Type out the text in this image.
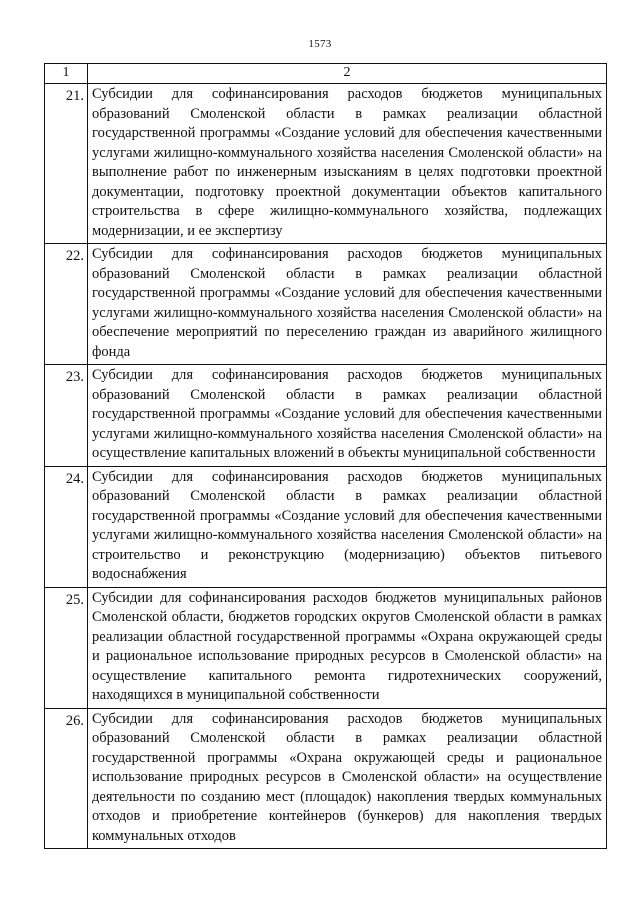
1573
1	2
21.	Субсидии для софинансирования расходов бюджетов муниципальных образований Смоленской области в рамках реализации областной государственной программы «Создание условий для обеспечения качественными услугами жилищно-коммунального хозяйства населения Смоленской области» на выполнение работ по инженерным изысканиям в целях подготовки проектной документации, подготовку проектной документации объектов капитального строительства в сфере жилищно-коммунального хозяйства, подлежащих модернизации, и ее экспертизу
22.	Субсидии для софинансирования расходов бюджетов муниципальных образований Смоленской области в рамках реализации областной государственной программы «Создание условий для обеспечения качественными услугами жилищно-коммунального хозяйства населения Смоленской области» на обеспечение мероприятий по переселению граждан из аварийного жилищного фонда
23.	Субсидии для софинансирования расходов бюджетов муниципальных образований Смоленской области в рамках реализации областной государственной программы «Создание условий для обеспечения качественными услугами жилищно-коммунального хозяйства населения Смоленской области» на осуществление капитальных вложений в объекты муниципальной собственности
24.	Субсидии для софинансирования расходов бюджетов муниципальных образований Смоленской области в рамках реализации областной государственной программы «Создание условий для обеспечения качественными услугами жилищно-коммунального хозяйства населения Смоленской области» на строительство и реконструкцию (модернизацию) объектов питьевого водоснабжения
25.	Субсидии для софинансирования расходов бюджетов муниципальных районов Смоленской области, бюджетов городских округов Смоленской области в рамках реализации областной государственной программы «Охрана окружающей среды и рациональное использование природных ресурсов в Смоленской области» на осуществление капитального ремонта гидротехнических сооружений, находящихся в муниципальной собственности
26.	Субсидии для софинансирования расходов бюджетов муниципальных образований Смоленской области в рамках реализации областной государственной программы «Охрана окружающей среды и рациональное использование природных ресурсов в Смоленской области» на осуществление деятельности по созданию мест (площадок) накопления твердых коммунальных отходов и приобретение контейнеров (бункеров) для накопления твердых коммунальных отходов
